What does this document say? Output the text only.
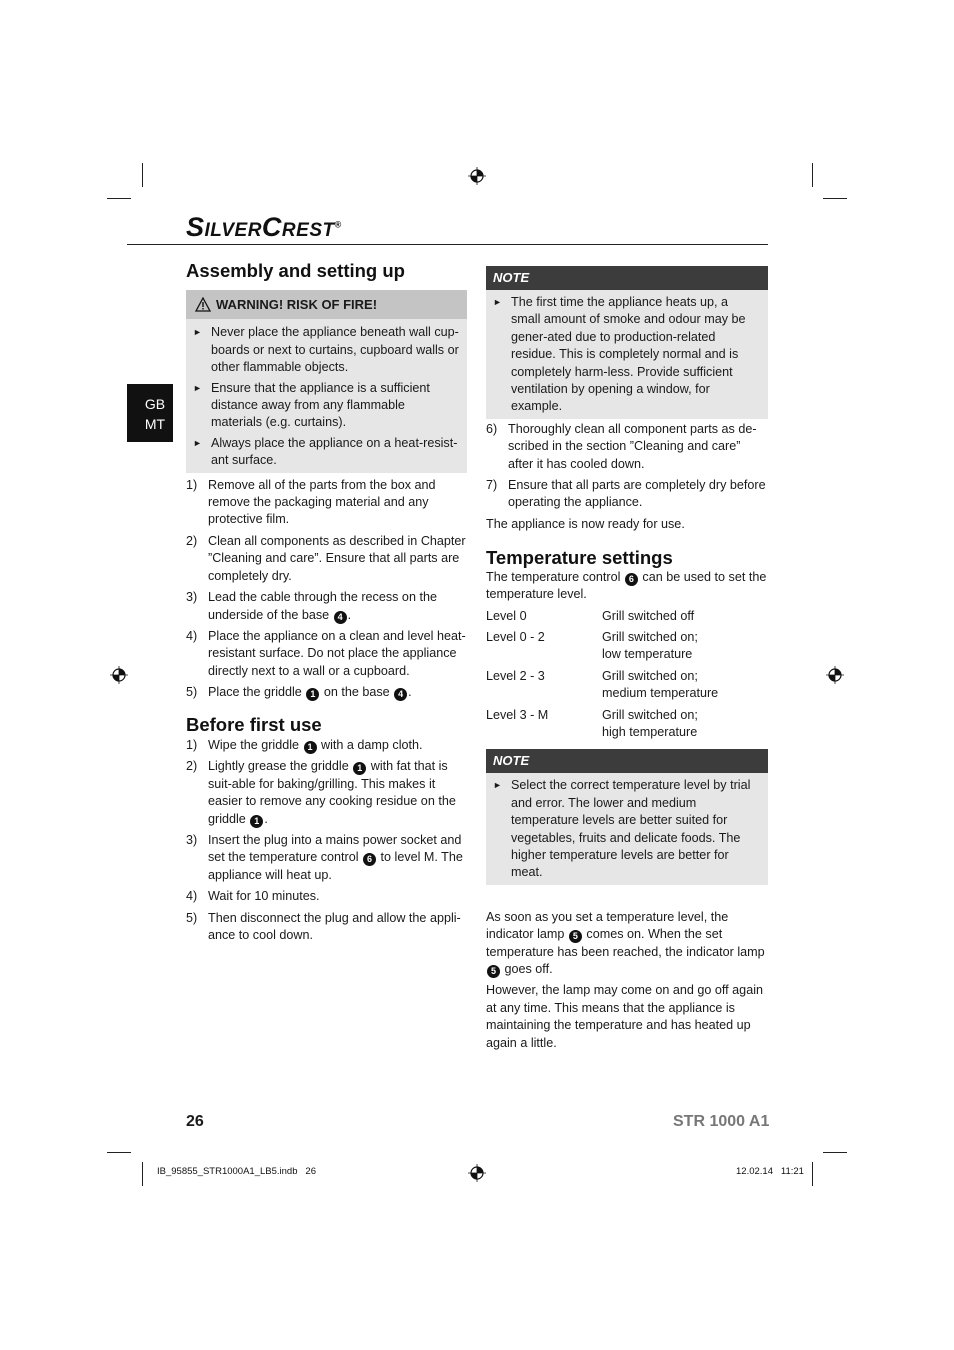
SILVERCREST®
GB
MT
Assembly and setting up
WARNING! RISK OF FIRE!
► Never place the appliance beneath wall cup-boards or next to curtains, cupboard walls or other flammable objects.
► Ensure that the appliance is a sufficient distance away from any flammable materials (e.g. curtains).
► Always place the appliance on a heat-resist-ant surface.
1) Remove all of the parts from the box and remove the packaging material and any protective film.
2) Clean all components as described in Chapter ”Cleaning and care”. Ensure that all parts are completely dry.
3) Lead the cable through the recess on the underside of the base 4 .
4) Place the appliance on a clean and level heat-resistant surface. Do not place the appliance directly next to a wall or a cupboard.
5) Place the griddle 1 on the base 4 .
Before first use
1) Wipe the griddle 1 with a damp cloth.
2) Lightly grease the griddle 1 with fat that is suit-able for baking/grilling. This makes it easier to remove any cooking residue on the griddle 1 .
3) Insert the plug into a mains power socket and set the temperature control 6 to level M. The appliance will heat up.
4) Wait for 10 minutes.
5) Then disconnect the plug and allow the appli-ance to cool down.
NOTE
► The first time the appliance heats up, a small amount of smoke and odour may be gener-ated due to production-related residue. This is completely normal and is completely harm-less. Provide sufficient ventilation by opening a window, for example.
6) Thoroughly clean all component parts as de-scribed in the section ”Cleaning and care” after it has cooled down.
7) Ensure that all parts are completely dry before operating the appliance.
The appliance is now ready for use.
Temperature settings
The temperature control 6 can be used to set the temperature level.
Level 0	Grill switched off
Level 0 - 2	Grill switched on;
low temperature
Level 2 - 3	Grill switched on;
medium temperature
Level 3 - M	Grill switched on;
high temperature
NOTE
► Select the correct temperature level by trial and error. The lower and medium temperature levels are better suited for vegetables, fruits and delicate foods. The higher temperature levels are better for meat.
As soon as you set a temperature level, the indicator lamp 5 comes on. When the set temperature has been reached, the indicator lamp 5 goes off.
However, the lamp may come on and go off again at any time. This means that the appliance is maintaining the temperature and has heated up again a little.
26	STR 1000 A1
IB_95855_STR1000A1_LB5.indb   26	12.02.14   11:21
